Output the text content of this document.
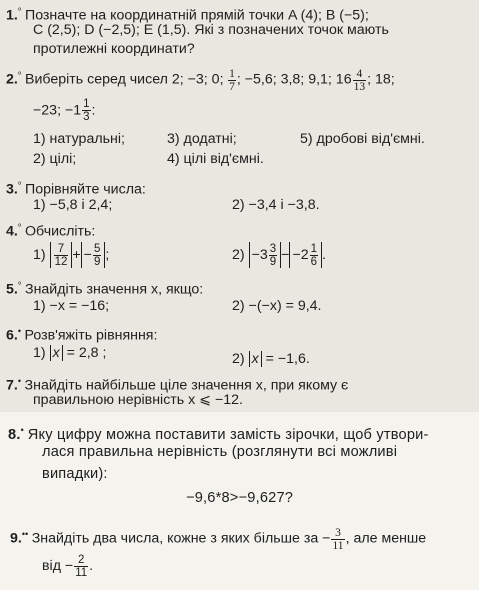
1.° Позначте на координатній прямій точки A (4); B (−5);
C (2,5); D (−2,5); E (1,5). Які з позначених точок мають
протилежні координати?
2.° Виберіть серед чисел 2; −3; 0; $\frac{1}{7}$ ; −5,6; 3,8; 9,1; $16 \frac{4}{13}$ ; 18;
−23; $-1 \frac{1}{3}$ :
1) натуральні;	3) додатні;	5) дробові від'ємні.
2) цілі;	4) цілі від'ємні.
3.° Порівняйте числа:
1) −5,8 і 2,4;	2) −3,4 і −3,8.
4.° Обчисліть:
$1) \frac{7}{12}$ + − $\frac{5}{9}$ ;	$2) -3 \frac{3}{9} - -2 \frac{1}{6}$ .
5.° Знайдіть значення x, якщо:
1) −x = −16;	2) −(−x) = 9,4.
6.• Розв'яжіть рівняння:
1) x = 2,8 ;	2) x = −1,6.
7.• Знайдіть найбільше ціле значення x, при якому є
правильною нерівність x ⩽ −12.
8.• Яку цифру можна поставити замість зірочки, щоб утвори-
лася правильна нерівність (розглянути всі можливі
випадки):
−9,6*8>−9,627?
9.•• Знайдіть два числа, кожне з яких більше за − $\frac{3}{11}$ , але менше
від − $\frac{2}{11}$ .
